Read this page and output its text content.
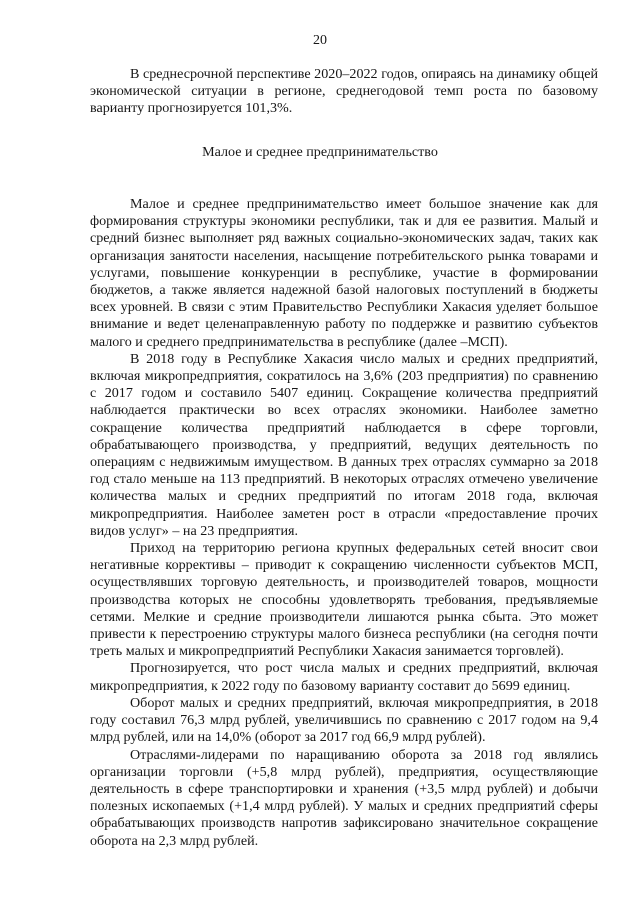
20

В среднесрочной перспективе 2020–2022 годов, опираясь на динамику общей экономической ситуации в регионе, среднегодовой темп роста по базовому варианту прогнозируется 101,3%.

Малое и среднее предпринимательство

Малое и среднее предпринимательство имеет большое значение как для формирования структуры экономики республики, так и для ее развития. Малый и средний бизнес выполняет ряд важных социально-экономических задач, таких как организация занятости населения, насыщение потребительского рынка товарами и услугами, повышение конкуренции в республике, участие в формировании бюджетов, а также является надежной базой налоговых поступлений в бюджеты всех уровней. В связи с этим Правительство Республики Хакасия уделяет большое внимание и ведет целенаправленную работу по поддержке и развитию субъектов малого и среднего предпринимательства в республике (далее –МСП).

В 2018 году в Республике Хакасия число малых и средних предприятий, включая микропредприятия, сократилось на 3,6% (203 предприятия) по сравнению с 2017 годом и составило 5407 единиц. Сокращение количества предприятий наблюдается практически во всех отраслях экономики. Наиболее заметно сокращение количества предприятий наблюдается в сфере торговли, обрабатывающего производства, у предприятий, ведущих деятельность по операциям с недвижимым имуществом. В данных трех отраслях суммарно за 2018 год стало меньше на 113 предприятий. В некоторых отраслях отмечено увеличение количества малых и средних предприятий по итогам 2018 года, включая микропредприятия. Наиболее заметен рост в отрасли «предоставление прочих видов услуг» – на 23 предприятия.

Приход на территорию региона крупных федеральных сетей вносит свои негативные коррективы – приводит к сокращению численности субъектов МСП, осуществлявших торговую деятельность, и производителей товаров, мощности производства которых не способны удовлетворять требования, предъявляемые сетями. Мелкие и средние производители лишаются рынка сбыта. Это может привести к перестроению структуры малого бизнеса республики (на сегодня почти треть малых и микропредприятий Республики Хакасия занимается торговлей).

Прогнозируется, что рост числа малых и средних предприятий, включая микропредприятия, к 2022 году по базовому варианту составит до 5699 единиц.

Оборот малых и средних предприятий, включая микропредприятия, в 2018 году составил 76,3 млрд рублей, увеличившись по сравнению с 2017 годом на 9,4 млрд рублей, или на 14,0% (оборот за 2017 год 66,9 млрд рублей).

Отраслями-лидерами по наращиванию оборота за 2018 год являлись организации торговли (+5,8 млрд рублей), предприятия, осуществляющие деятельность в сфере транспортировки и хранения (+3,5 млрд рублей) и добычи полезных ископаемых (+1,4 млрд рублей). У малых и средних предприятий сферы обрабатывающих производств напротив зафиксировано значительное сокращение оборота на 2,3 млрд рублей.
